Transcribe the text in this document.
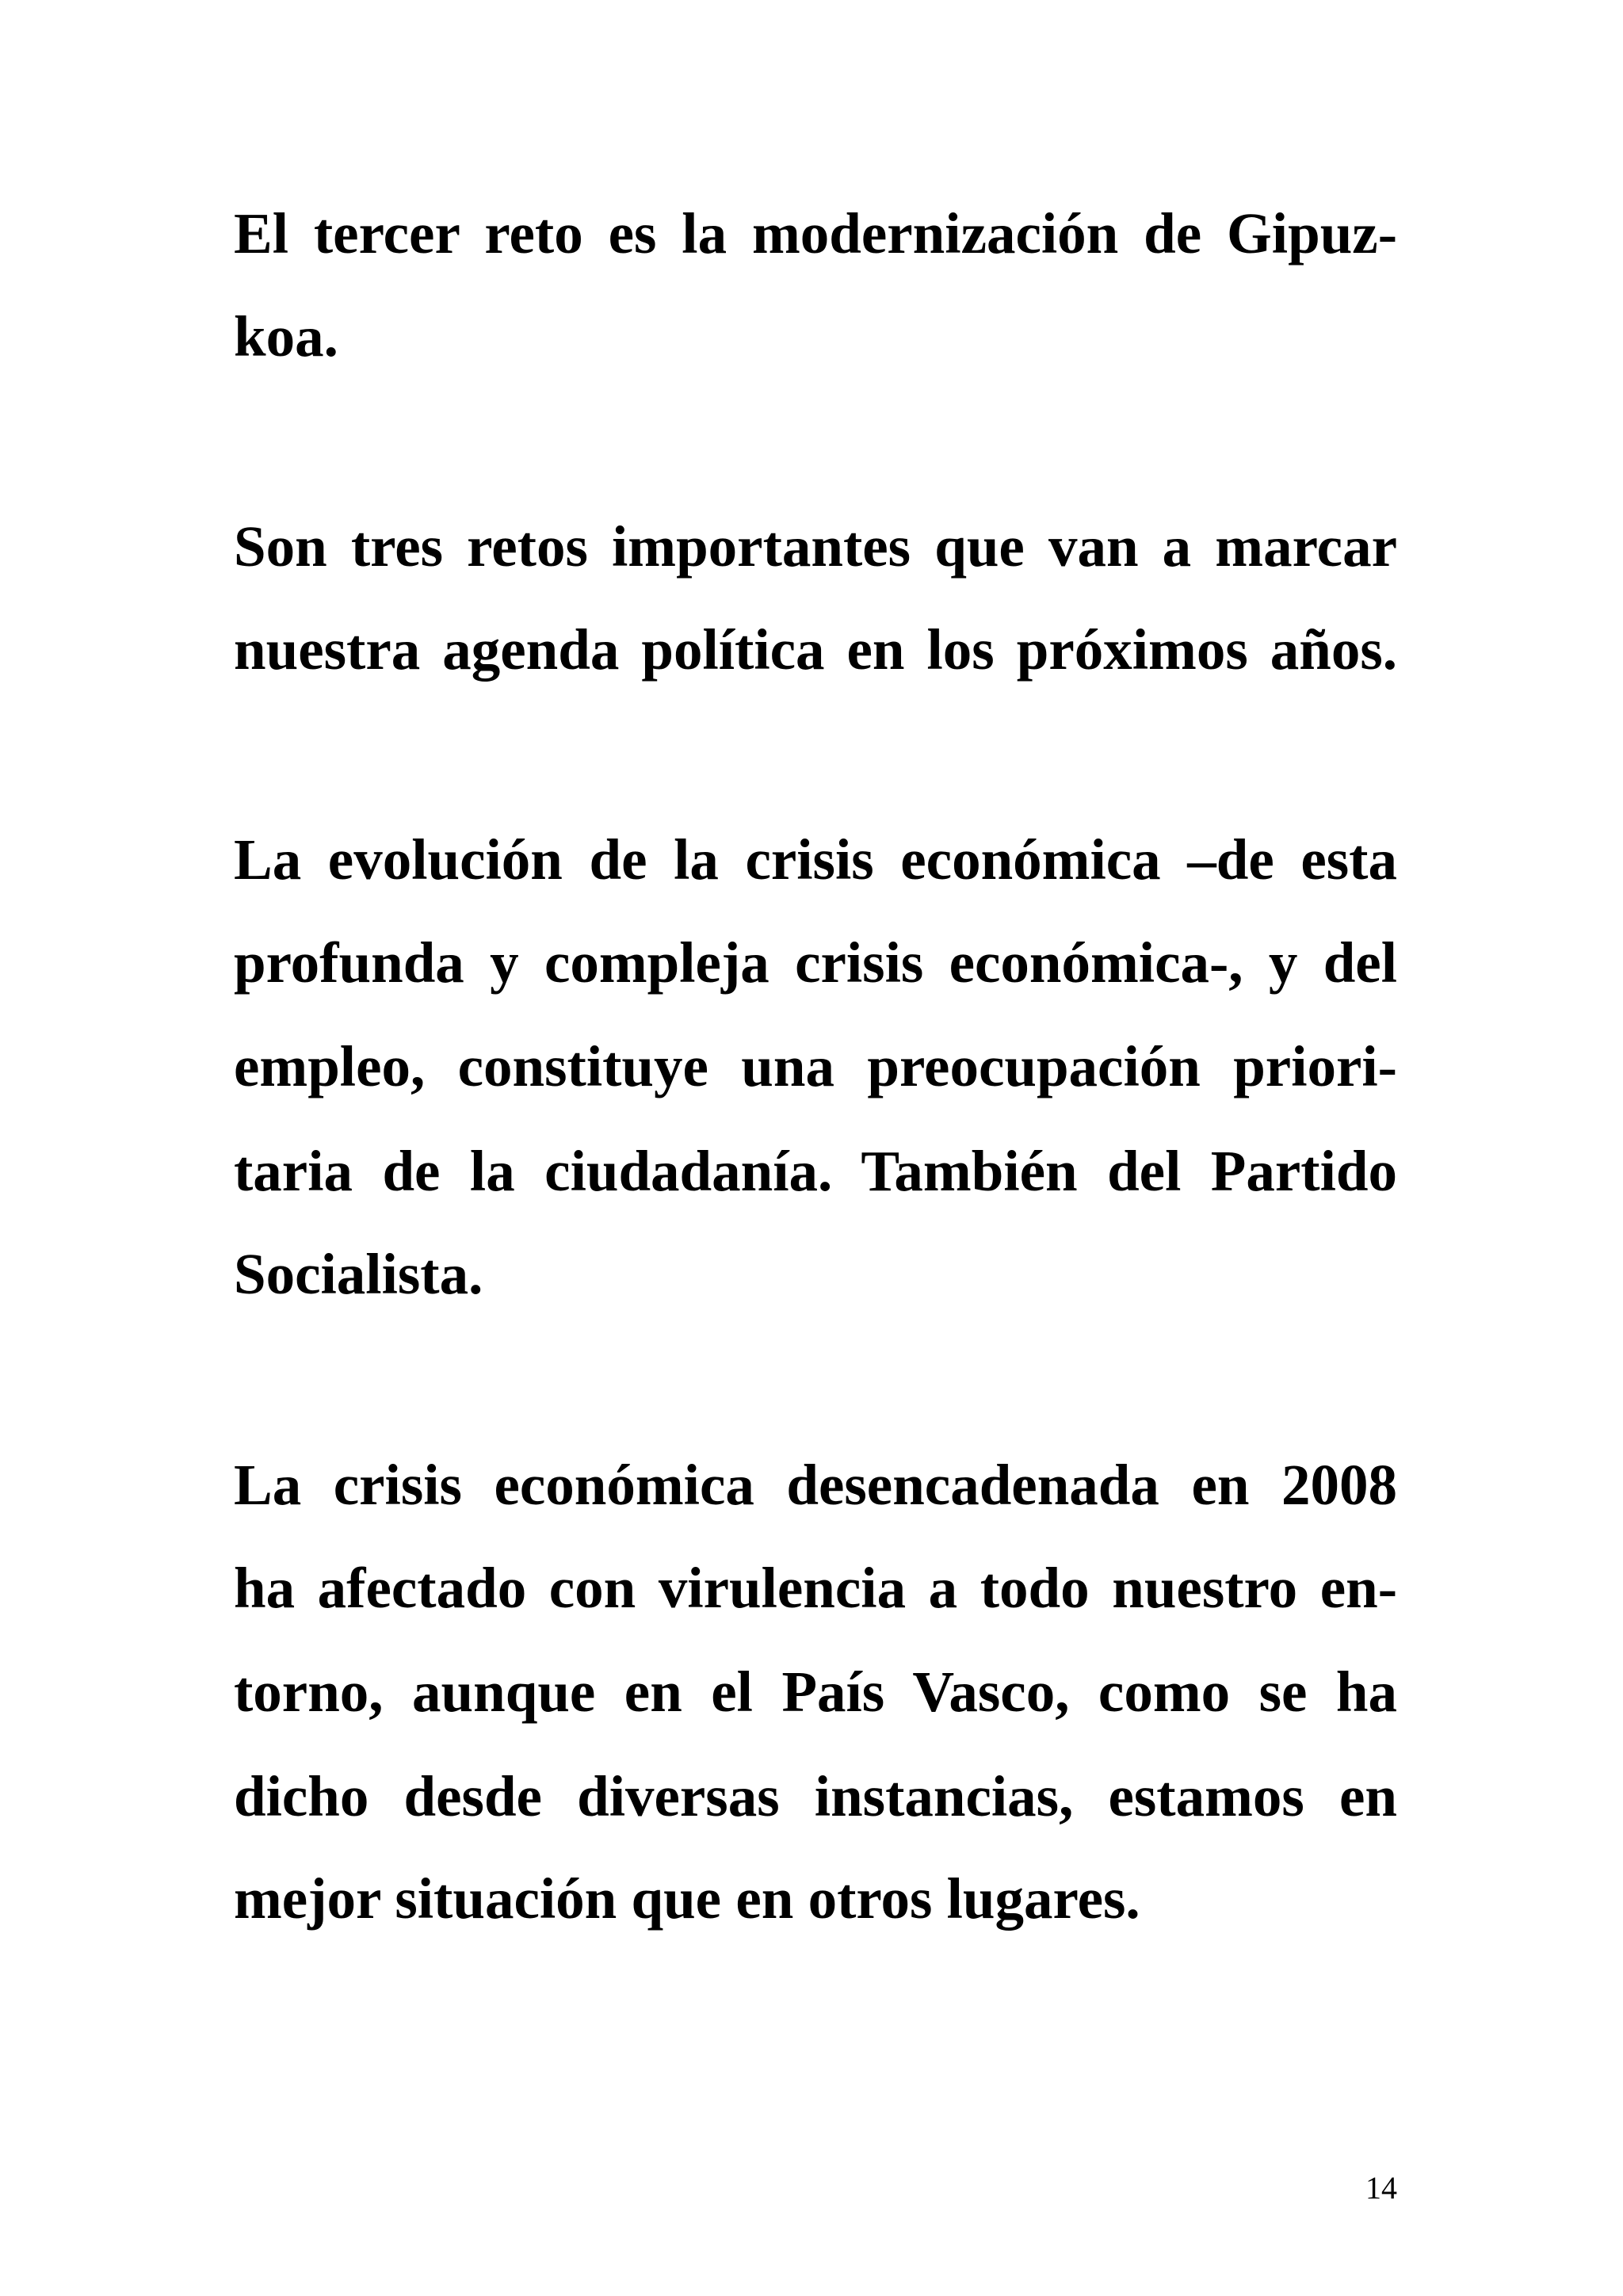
El tercer reto es la modernización de Gipuz-

koa.

Son tres retos importantes que van a marcar

nuestra agenda política en los próximos años.

La evolución de la crisis económica –de esta

profunda y compleja crisis económica-, y del

empleo, constituye una preocupación priori-

taria de la ciudadanía. También del Partido

Socialista.

La crisis económica desencadenada en 2008

ha afectado con virulencia a todo nuestro en-

torno, aunque en el País Vasco, como se ha

dicho desde diversas instancias, estamos en

mejor situación que en otros lugares.

14
